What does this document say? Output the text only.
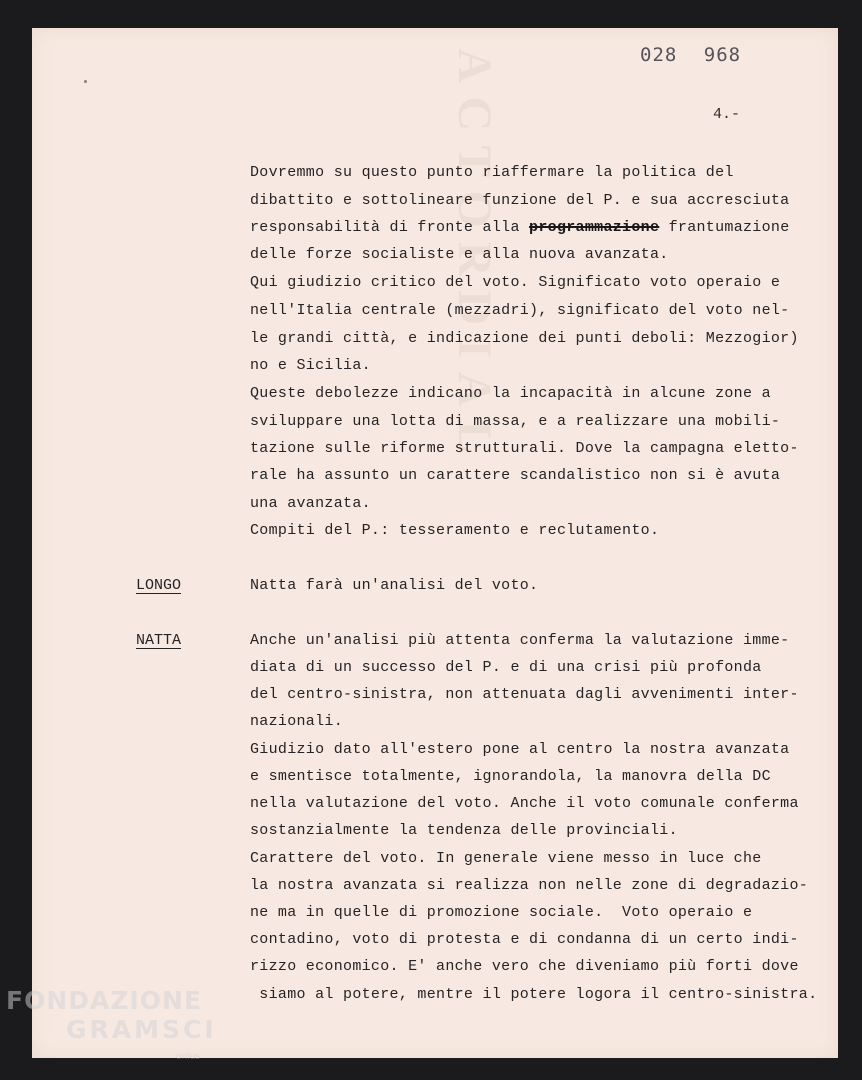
ACTORDIAL	028 968
4.-
Dovremmo su questo punto riaffermare la politica del
dibattito e sottolineare funzione del P. e sua accresciuta
responsabilità di fronte alla programmazione frantumazione
delle forze socialiste e alla nuova avanzata.
Qui giudizio critico del voto. Significato voto operaio e
nell'Italia centrale (mezzadri), significato del voto nel-
le grandi città, e indicazione dei punti deboli: Mezzogior)
no e Sicilia.
Queste debolezze indicano la incapacità in alcune zone a
sviluppare una lotta di massa, e a realizzare una mobili-
tazione sulle riforme strutturali. Dove la campagna eletto-
rale ha assunto un carattere scandalistico non si è avuta
una avanzata.
Compiti del P.: tesseramento e reclutamento.
LONGO	Natta farà un'analisi del voto.
NATTA	Anche un'analisi più attenta conferma la valutazione imme-
diata di un successo del P. e di una crisi più profonda
del centro-sinistra, non attenuata dagli avvenimenti inter-
nazionali.
Giudizio dato all'estero pone al centro la nostra avanzata
e smentisce totalmente, ignorandola, la manovra della DC
nella valutazione del voto. Anche il voto comunale conferma
sostanzialmente la tendenza delle provinciali.
Carattere del voto. In generale viene messo in luce che
la nostra avanzata si realizza non nelle zone di degradazio-
ne ma in quelle di promozione sociale.  Voto operaio e
contadino, voto di protesta e di condanna di un certo indi-
rizzo economico. E' anche vero che diveniamo più forti dove
siamo al potere, mentre il potere logora il centro-sinistra.
FONDAZIONE
GRAMSCI
onlus
